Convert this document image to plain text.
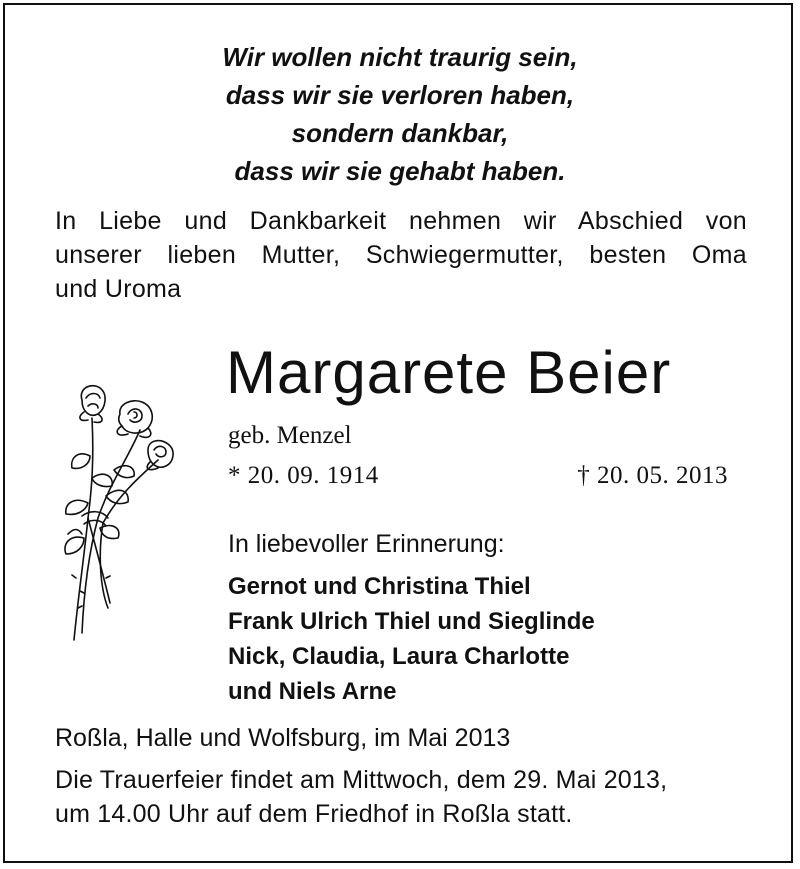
Wir wollen nicht traurig sein,
dass wir sie verloren haben,
sondern dankbar,
dass wir sie gehabt haben.
In Liebe und Dankbarkeit nehmen wir Abschied von
unserer lieben Mutter, Schwiegermutter, besten Oma
und Uroma
Margarete Beier
geb. Menzel
* 20. 09. 1914	† 20. 05. 2013
In liebevoller Erinnerung:
Gernot und Christina Thiel
Frank Ulrich Thiel und Sieglinde
Nick, Claudia, Laura Charlotte
und Niels Arne
Roßla, Halle und Wolfsburg, im Mai 2013
Die Trauerfeier findet am Mittwoch, dem 29. Mai 2013,
um 14.00 Uhr auf dem Friedhof in Roßla statt.
